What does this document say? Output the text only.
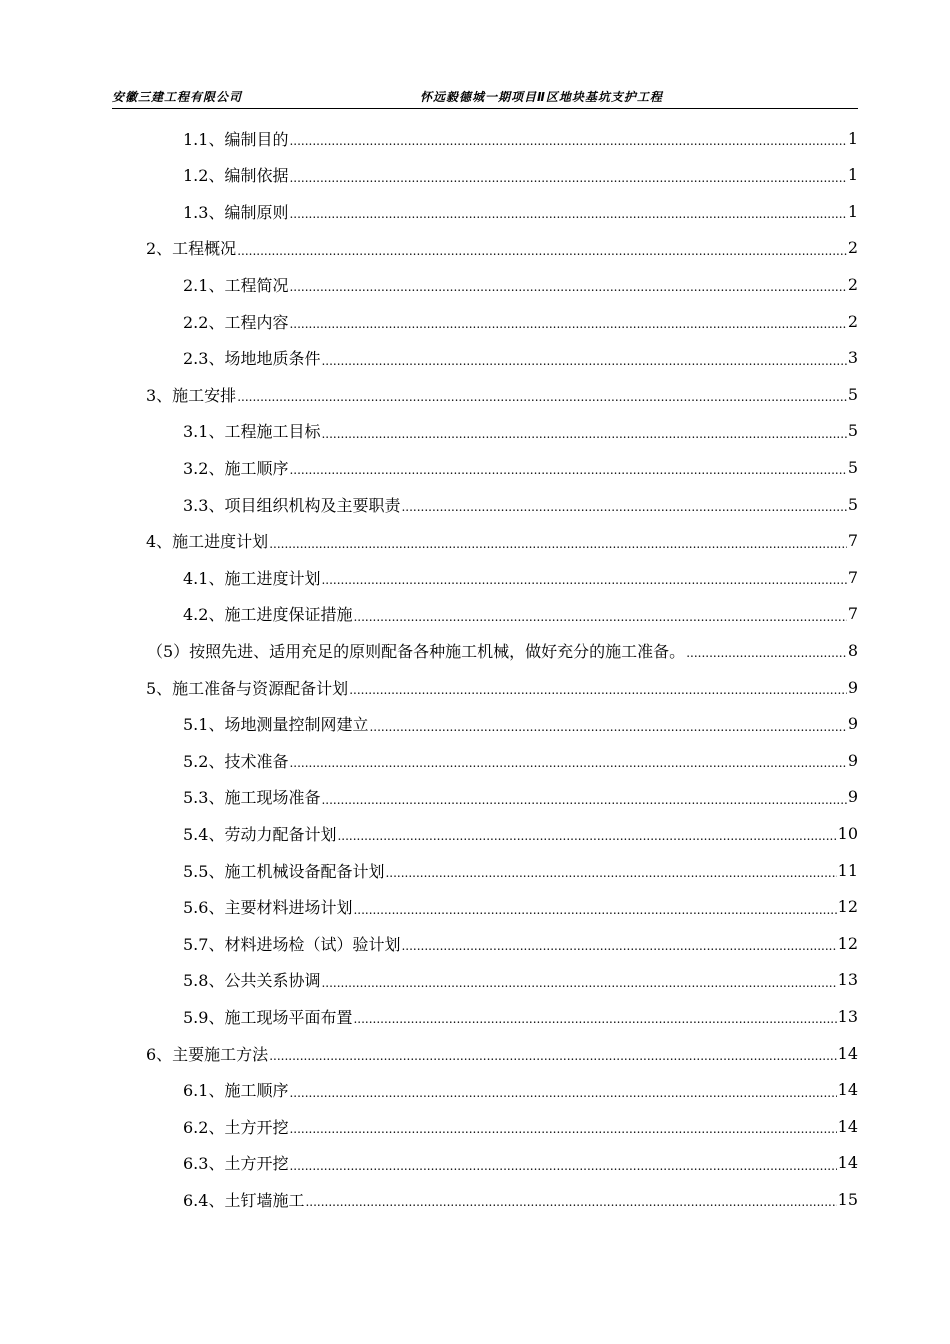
安徽三建工程有限公司	怀远毅德城一期项目Ⅱ区地块基坑支护工程
1.1、编制目的 .....	1
1.2、编制依据 .....	1
1.3、编制原则 .....	1
2、工程概况 .....	2
2.1、工程简况 .....	2
2.2、工程内容 .....	2
2.3、场地地质条件 .....	3
3、施工安排 .....	5
3.1、工程施工目标 .....	5
3.2、施工顺序 .....	5
3.3、项目组织机构及主要职责 .....	5
4、施工进度计划 .....	7
4.1、施工进度计划 .....	7
4.2、施工进度保证措施 .....	7
（5）按照先进、适用充足的原则配备各种施工机械，做好充分的施工准备。 .....	8
5、施工准备与资源配备计划 .....	9
5.1、场地测量控制网建立 .....	9
5.2、技术准备 .....	9
5.3、施工现场准备 .....	9
5.4、劳动力配备计划 .....	10
5.5、施工机械设备配备计划 .....	11
5.6、主要材料进场计划 .....	12
5.7、材料进场检（试）验计划 .....	12
5.8、公共关系协调 .....	13
5.9、施工现场平面布置 .....	13
6、主要施工方法 .....	14
6.1、施工顺序 .....	14
6.2、土方开挖 .....	14
6.3、土方开挖 .....	14
6.4、土钉墙施工 .....	15
